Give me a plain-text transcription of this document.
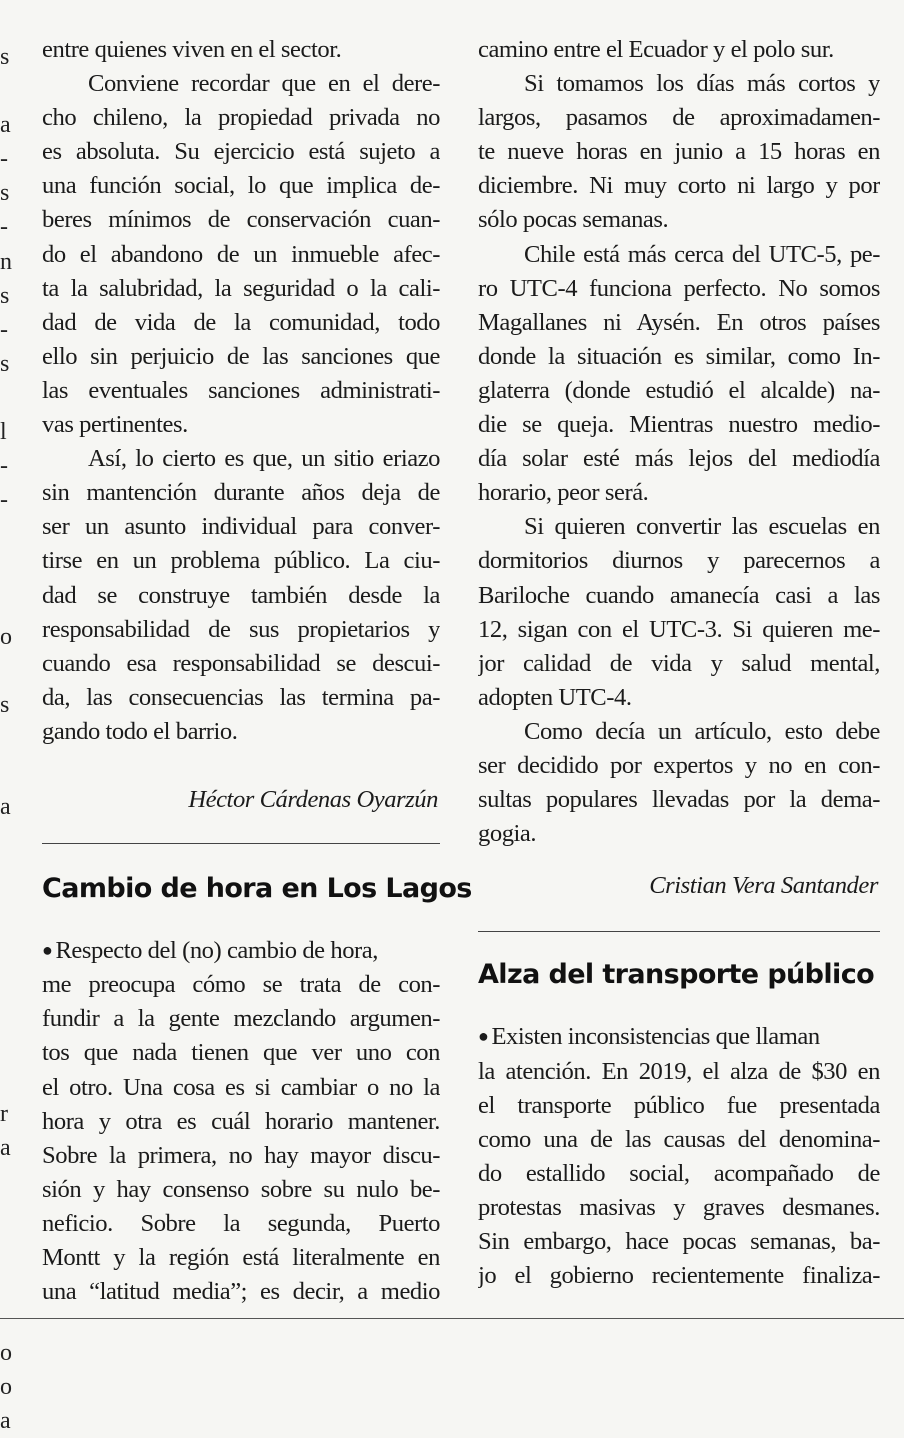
s
a
-
s
-
n
s
-
s
l
-
-
o
s
a
r
a
o
o
a
entre quienes viven en el sector.
Conviene recordar que en el dere-
cho chileno, la propiedad privada no
es absoluta. Su ejercicio está sujeto a
una función social, lo que implica de-
beres mínimos de conservación cuan-
do el abandono de un inmueble afec-
ta la salubridad, la seguridad o la cali-
dad de vida de la comunidad, todo
ello sin perjuicio de las sanciones que
las eventuales sanciones administrati-
vas pertinentes.
Así, lo cierto es que, un sitio eriazo
sin mantención durante años deja de
ser un asunto individual para conver-
tirse en un problema público. La ciu-
dad se construye también desde la
responsabilidad de sus propietarios y
cuando esa responsabilidad se descui-
da, las consecuencias las termina pa-
gando todo el barrio.
Héctor Cárdenas Oyarzún
Cambio de hora en Los Lagos
● Respecto del (no) cambio de hora,
me preocupa cómo se trata de con-
fundir a la gente mezclando argumen-
tos que nada tienen que ver uno con
el otro. Una cosa es si cambiar o no la
hora y otra es cuál horario mantener.
Sobre la primera, no hay mayor discu-
sión y hay consenso sobre su nulo be-
neficio. Sobre la segunda, Puerto
Montt y la región está literalmente en
una “latitud media”; es decir, a medio
camino entre el Ecuador y el polo sur.
Si tomamos los días más cortos y
largos, pasamos de aproximadamen-
te nueve horas en junio a 15 horas en
diciembre. Ni muy corto ni largo y por
sólo pocas semanas.
Chile está más cerca del UTC-5, pe-
ro UTC-4 funciona perfecto. No somos
Magallanes ni Aysén. En otros países
donde la situación es similar, como In-
glaterra (donde estudió el alcalde) na-
die se queja. Mientras nuestro medio-
día solar esté más lejos del mediodía
horario, peor será.
Si quieren convertir las escuelas en
dormitorios diurnos y parecernos a
Bariloche cuando amanecía casi a las
12, sigan con el UTC-3. Si quieren me-
jor calidad de vida y salud mental,
adopten UTC-4.
Como decía un artículo, esto debe
ser decidido por expertos y no en con-
sultas populares llevadas por la dema-
gogia.
Cristian Vera Santander
Alza del transporte público
● Existen inconsistencias que llaman
la atención. En 2019, el alza de $30 en
el transporte público fue presentada
como una de las causas del denomina-
do estallido social, acompañado de
protestas masivas y graves desmanes.
Sin embargo, hace pocas semanas, ba-
jo el gobierno recientemente finaliza-
